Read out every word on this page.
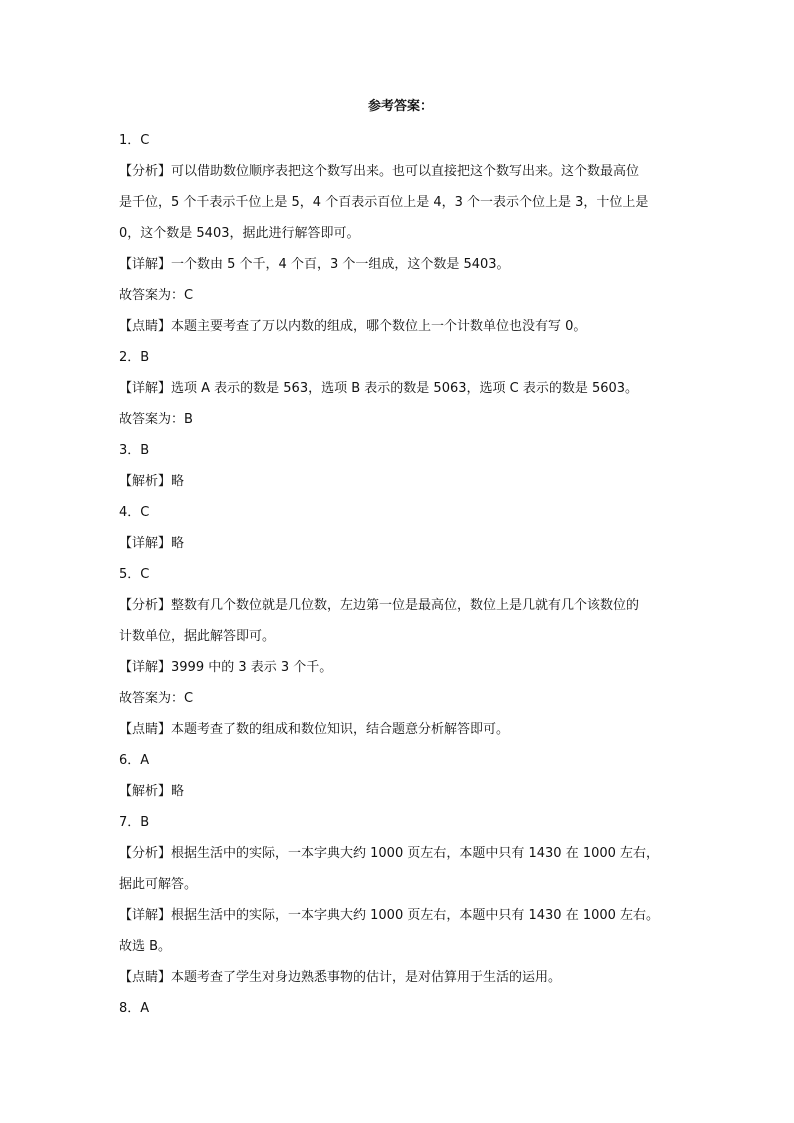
参考答案：
1．C
【分析】可以借助数位顺序表把这个数写出来。也可以直接把这个数写出来。这个数最高位
是千位，5 个千表示千位上是 5，4 个百表示百位上是 4，3 个一表示个位上是 3，十位上是
0，这个数是 5403，据此进行解答即可。
【详解】一个数由 5 个千，4 个百，3 个一组成，这个数是 5403。
故答案为：C
【点睛】本题主要考查了万以内数的组成，哪个数位上一个计数单位也没有写 0。
2．B
【详解】选项 A 表示的数是 563，选项 B 表示的数是 5063，选项 C 表示的数是 5603。
故答案为：B
3．B
【解析】略
4．C
【详解】略
5．C
【分析】整数有几个数位就是几位数，左边第一位是最高位，数位上是几就有几个该数位的
计数单位，据此解答即可。
【详解】3999 中的 3 表示 3 个千。
故答案为：C
【点睛】本题考查了数的组成和数位知识，结合题意分析解答即可。
6．A
【解析】略
7．B
【分析】根据生活中的实际，一本字典大约 1000 页左右，本题中只有 1430 在 1000 左右，
据此可解答。
【详解】根据生活中的实际，一本字典大约 1000 页左右，本题中只有 1430 在 1000 左右。
故选 B。
【点睛】本题考查了学生对身边熟悉事物的估计，是对估算用于生活的运用。
8．A
